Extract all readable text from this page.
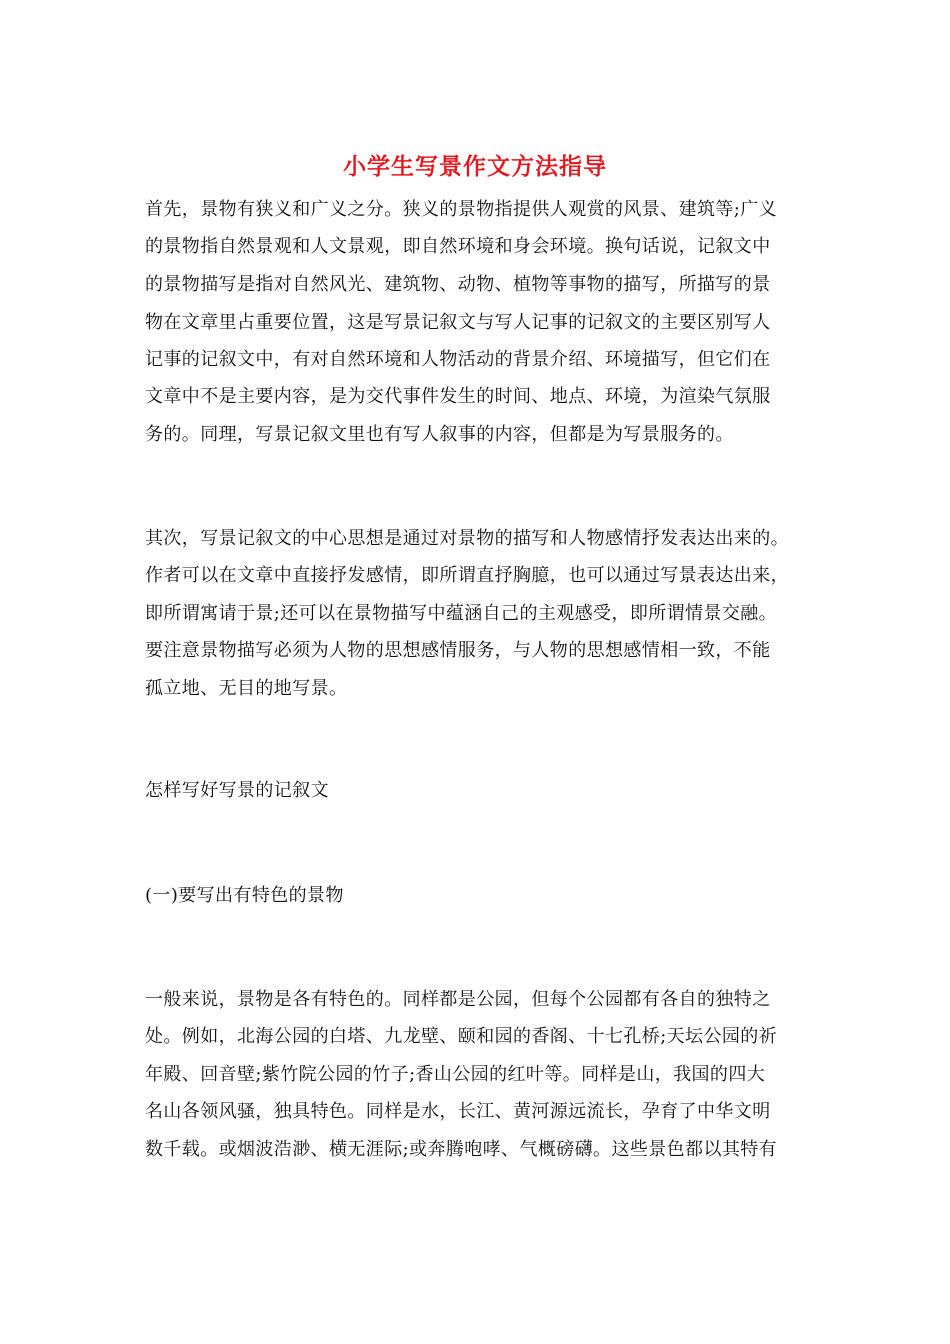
小学生写景作文方法指导
首先，景物有狭义和广义之分。狭义的景物指提供人观赏的风景、建筑等;广义
的景物指自然景观和人文景观，即自然环境和身会环境。换句话说，记叙文中
的景物描写是指对自然风光、建筑物、动物、植物等事物的描写，所描写的景
物在文章里占重要位置，这是写景记叙文与写人记事的记叙文的主要区别写人
记事的记叙文中，有对自然环境和人物活动的背景介绍、环境描写，但它们在
文章中不是主要内容，是为交代事件发生的时间、地点、环境，为渲染气氛服
务的。同理，写景记叙文里也有写人叙事的内容，但都是为写景服务的。
其次，写景记叙文的中心思想是通过对景物的描写和人物感情抒发表达出来的。
作者可以在文章中直接抒发感情，即所谓直抒胸臆，也可以通过写景表达出来，
即所谓寓请于景;还可以在景物描写中蕴涵自己的主观感受，即所谓情景交融。
要注意景物描写必须为人物的思想感情服务，与人物的思想感情相一致，不能
孤立地、无目的地写景。
怎样写好写景的记叙文
(一)要写出有特色的景物
一般来说，景物是各有特色的。同样都是公园，但每个公园都有各自的独特之
处。例如，北海公园的白塔、九龙壁、颐和园的香阁、十七孔桥;天坛公园的祈
年殿、回音壁;紫竹院公园的竹子;香山公园的红叶等。同样是山，我国的四大
名山各领风骚，独具特色。同样是水，长江、黄河源远流长，孕育了中华文明
数千载。或烟波浩渺、横无涯际;或奔腾咆哮、气概磅礴。这些景色都以其特有
